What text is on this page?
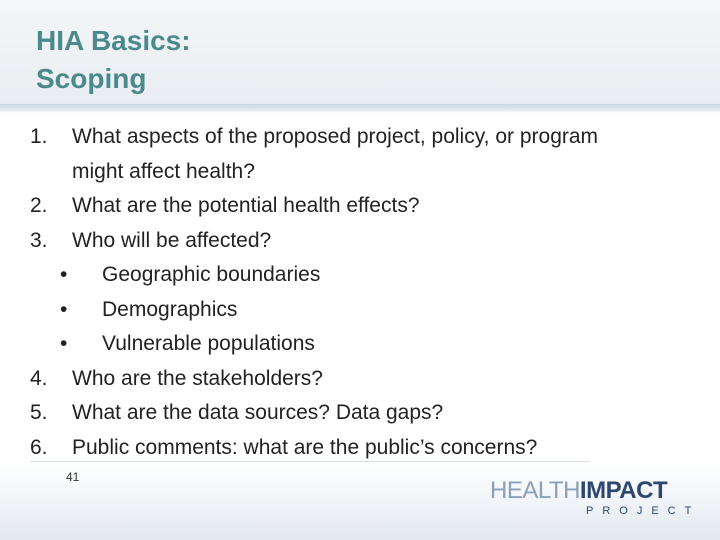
HIA Basics:
Scoping
1. What aspects of the proposed project, policy, or program
might affect health?
2. What are the potential health effects?
3. Who will be affected?
• Geographic boundaries
• Demographics
• Vulnerable populations
4. Who are the stakeholders?
5. What are the data sources? Data gaps?
6. Public comments: what are the public’s concerns?
41	HEALTHIMPACT
PROJECT
